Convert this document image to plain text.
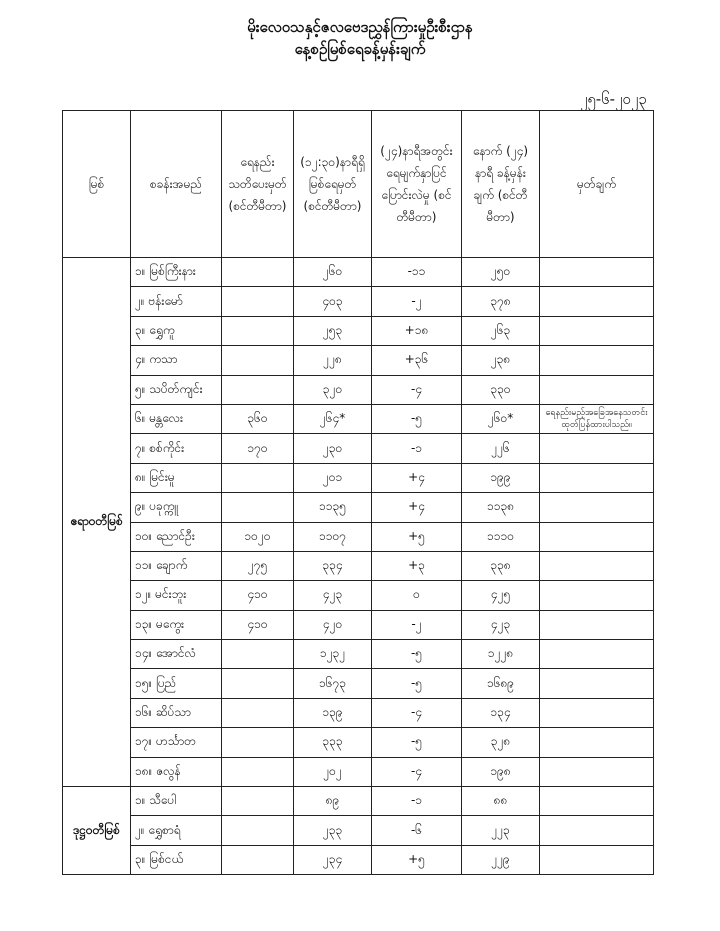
မိုးလေဝသနှင့်ဇလဗေဒညွှန်ကြားမှုဦးစီးဌာန
နေ့စဉ်မြစ်ရေခန့်မှန်းချက်
၂၅-၆-၂၀၂၃
မြစ်	စခန်းအမည်	ရေနည်း သတိပေးမှတ် (စင်တီမီတာ)	(၁၂:၃၀)နာရီရှိ မြစ်ရေမှတ် (စင်တီမီတာ)	(၂၄)နာရီအတွင်း ရေမျက်နှာပြင် ပြောင်းလဲမှု (စင်တီမီတာ)	နောက် (၂၄) နာရီ ခန့်မှန်းချက် (စင်တီမီတာ)	မှတ်ချက်
ဧရာဝတီမြစ်	၁။ မြစ်ကြီးနား		၂၆၀	-၁၁	၂၅၀	
	၂။ ဗန်းမော်		၄၀၃	-၂	၃၇၈	
	၃။ ရွှေကူ		၂၅၃	+၁၈	၂၆၃	
	၄။ ကသာ		၂၂၈	+၃၆	၂၃၈	
	၅။ သပိတ်ကျင်း		၃၂၀	-၄	၃၃၀	
	၆။ မန္တလေး	၃၆၀	၂၆၄*	-၅	၂၆၀*	ရေနည်းမည့်အခြေအနေသတင်း ထုတ်ပြန်ထားပါသည်။
	၇။ စစ်ကိုင်း	၁၇၀	၂၃၀	-၁	၂၂၆	
	၈။ မြင်းမူ		၂၀၁	+၄	၁၉၉	
	၉။ ပခုက္ကူ		၁၁၃၅	+၄	၁၁၃၈	
	၁၀။ ညောင်ဦး	၁၀၂၀	၁၁၀၇	+၅	၁၁၁၀	
	၁၁။ ချောက်	၂၇၅	၃၃၄	+၃	၃၃၈	
	၁၂။ မင်းဘူး	၄၁၀	၄၂၃	၀	၄၂၅	
	၁၃။ မကွေး	၄၁၀	၄၂၀	-၂	၄၂၃	
	၁၄။ အောင်လံ		၁၂၃၂	-၅	၁၂၂၈	
	၁၅။ ပြည်		၁၆၇၃	-၅	၁၆၈၉	
	၁၆။ ဆိပ်သာ		၁၃၉	-၄	၁၃၄	
	၁၇။ ဟင်္သာတ		၃၃၃	-၅	၃၂၈	
	၁၈။ ဇလွန်		၂၀၂	-၄	၁၉၈	
ဒုဋ္ဌဝတီမြစ်	၁။ သီပေါ		၈၉	-၁	၈၈	
	၂။ ရွှေစာရံ		၂၃၃	-၆	၂၂၃	
	၃။ မြစ်ငယ်		၂၃၄	+၅	၂၂၉	
